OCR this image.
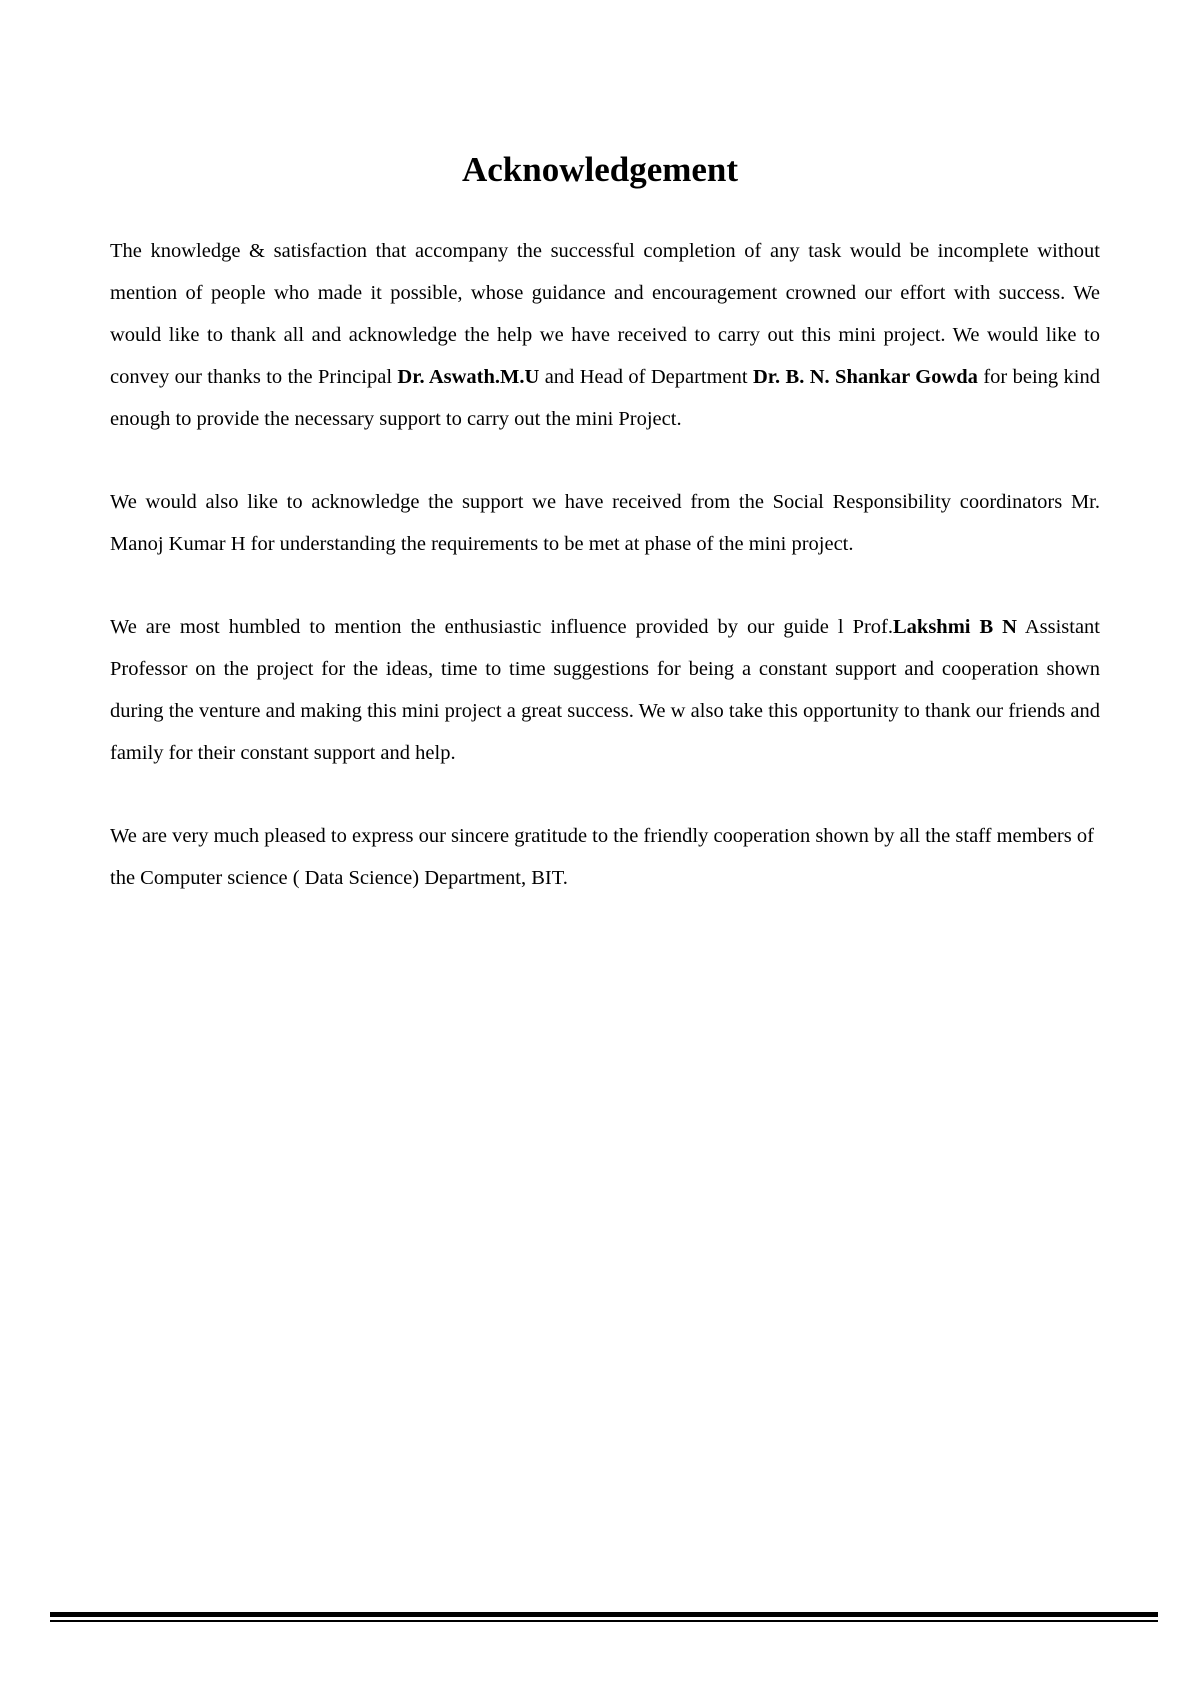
Acknowledgement

The knowledge & satisfaction that accompany the successful completion of any task would be incomplete without mention of people who made it possible, whose guidance and encouragement crowned our effort with success. We would like to thank all and acknowledge the help we have received to carry out this mini project. We would like to convey our thanks to the Principal Dr. Aswath.M.U and Head of Department Dr. B. N. Shankar Gowda for being kind enough to provide the necessary support to carry out the mini Project.

We would also like to acknowledge the support we have received from the Social Responsibility coordinators Mr. Manoj Kumar H for understanding the requirements to be met at phase of the mini project.

We are most humbled to mention the enthusiastic influence provided by our guide l Prof.Lakshmi B N Assistant Professor on the project for the ideas, time to time suggestions for being a constant support and cooperation shown during the venture and making this mini project a great success. We w also take this opportunity to thank our friends and family for their constant support and help.

We are very much pleased to express our sincere gratitude to the friendly cooperation shown by all the staff members of the Computer science ( Data Science) Department, BIT.
